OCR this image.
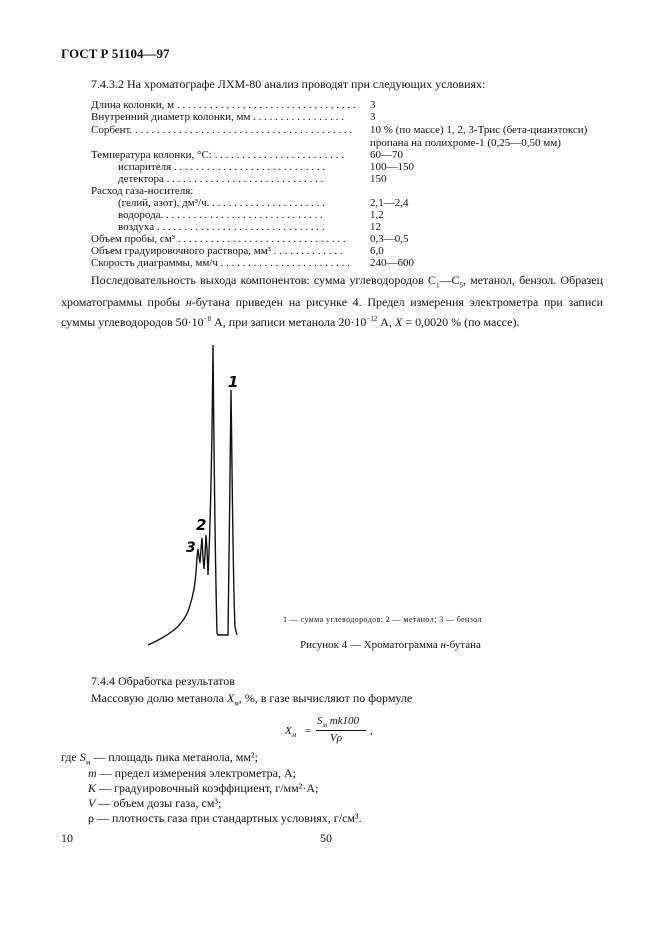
ГОСТ Р 51104—97
7.4.3.2 На хроматографе ЛХМ-80 анализ проводят при следующих условиях:
Длина колонки, м . . . . . . . . . . . . . . . . . . . . . . . . . . . . . . . . . 3
Внутренний диаметр колонки, мм . . . . . . . . . . . . . . . . . 3
Сорбент. . . . . . . . . . . . . . . . . . . . . . . . . . . . . . . . . . . . . . . . . 10 % (по массе) 1, 2, 3-Трис (бета-цианэтокси)
пропана на полихроме-1 (0,25—0,50 мм)
Температура колонки, °С: . . . . . . . . . . . . . . . . . . . . . . . . 60—70
испарителя . . . . . . . . . . . . . . . . . . . . . . . . . . . .	100—150
детектора . . . . . . . . . . . . . . . . . . . . . . . . . . . . .	150
Расход газа-носителя:
(гелий, азот), дм³/ч. . . . . . . . . . . . . . . . . . . . . .	2,1—2,4
водорода. . . . . . . . . . . . . . . . . . . . . . . . . . . . . .	1,2
воздуха . . . . . . . . . . . . . . . . . . . . . . . . . . . . . . .	12
Объем пробы, см³ . . . . . . . . . . . . . . . . . . . . . . . . . . . . . . . 0,3—0,5
Объем градуировочного раствора, мм³ . . . . . . . . . . . . .	6,0
Скорость диаграммы, мм/ч . . . . . . . . . . . . . . . . . . . . . . . . 240—600
Последовательность выхода компонентов: сумма углеводородов $C_1—C_5$, метанол, бензол. Образец хроматограммы пробы н-бутана приведен на рисунке 4. Предел измерения электрометра при записи суммы углеводородов $50\cdot 10^{-8}$ А, при записи метанола $20\cdot 10^{-12}$ А, X = 0,0020 % (по массе).
1
2
3
1 — сумма углеводородов; 2 — метанол; 3 — бензол
Рисунок 4 — Хроматограмма н-бутана
7.4.4 Обработка результатов
Массовую долю метанола $X_м$, %, в газе вычисляют по формуле
$X_м$ =
$S_м$ mk100
Vρ
,
где $S_м$ — площадь пика метанола, мм²;
m — предел измерения электрометра, А;
K — градуировочный коэффициент, г/мм²·А;
V — объем дозы газа, см³;
ρ — плотность газа при стандартных условиях, г/см³.
10	50
